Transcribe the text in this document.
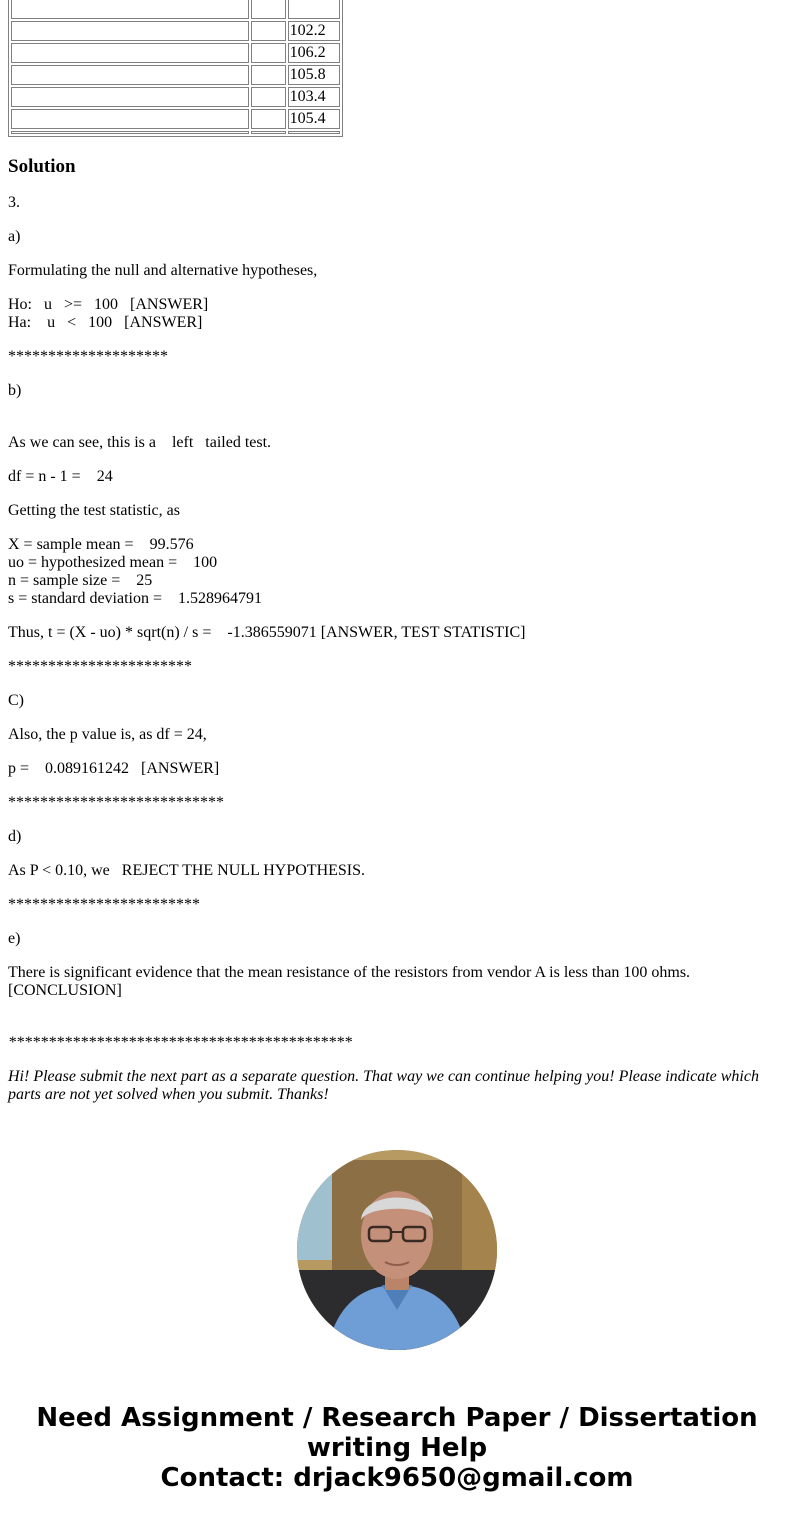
		102.2
		106.2
		105.8
		103.4
		105.4

Solution

3.

a)

Formulating the null and alternative hypotheses,

Ho:   u   >=   100   [ANSWER]
Ha:    u   <   100   [ANSWER]

********************

b)

As we can see, this is a    left   tailed test.

df = n - 1 =    24

Getting the test statistic, as

X = sample mean =    99.576
uo = hypothesized mean =    100
n = sample size =    25
s = standard deviation =    1.528964791

Thus, t = (X - uo) * sqrt(n) / s =    -1.386559071 [ANSWER, TEST STATISTIC]

***********************

C)

Also, the p value is, as df = 24,

p =    0.089161242   [ANSWER]

***************************

d)

As P < 0.10, we   REJECT THE NULL HYPOTHESIS.

************************

e)

There is significant evidence that the mean resistance of the resistors from vendor A is less than 100 ohms.
[CONCLUSION]

*******************************************

Hi! Please submit the next part as a separate question. That way we can continue helping you! Please indicate which parts are not yet solved when you submit. Thanks!

Need Assignment / Research Paper / Dissertation
writing Help
Contact: drjack9650@gmail.com
